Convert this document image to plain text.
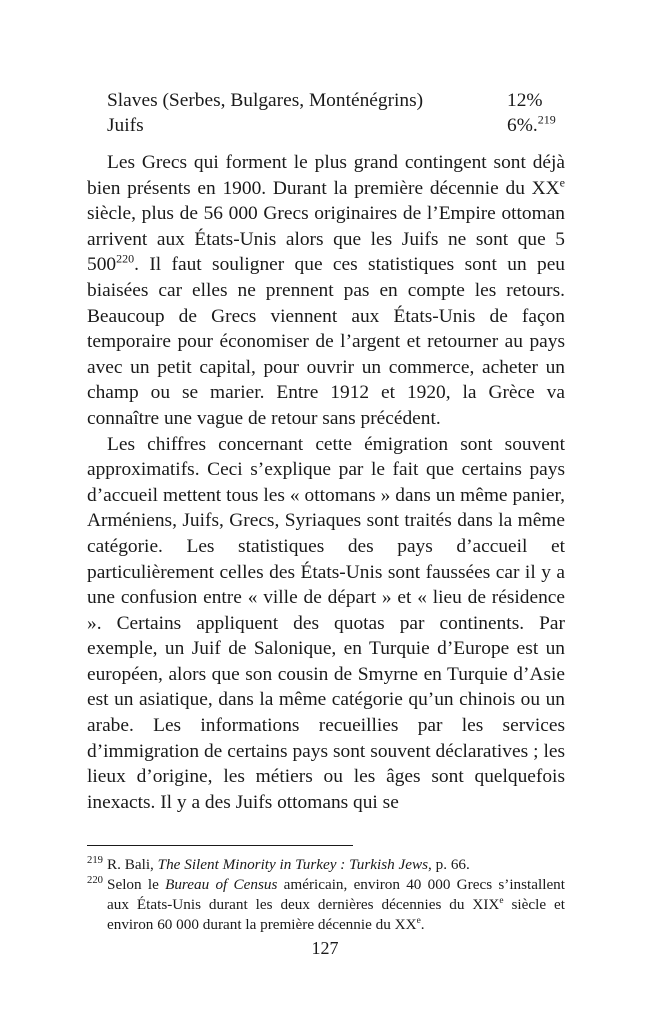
Slaves (Serbes, Bulgares, Monténégrins)	12%
Juifs	6%.$^{219}$

Les Grecs qui forment le plus grand contingent sont déjà bien présents en 1900. Durant la première décennie du XXe siècle, plus de 56 000 Grecs originaires de l’Empire ottoman arrivent aux États-Unis alors que les Juifs ne sont que 5 $500^{220}$. Il faut souligner que ces statistiques sont un peu biaisées car elles ne prennent pas en compte les retours. Beaucoup de Grecs viennent aux États-Unis de façon temporaire pour économiser de l’argent et retourner au pays avec un petit capital, pour ouvrir un commerce, acheter un champ ou se marier. Entre 1912 et 1920, la Grèce va connaître une vague de retour sans précédent.

Les chiffres concernant cette émigration sont souvent approximatifs. Ceci s’explique par le fait que certains pays d’accueil mettent tous les « ottomans » dans un même panier, Arméniens, Juifs, Grecs, Syriaques sont traités dans la même catégorie. Les statistiques des pays d’accueil et particulièrement celles des États-Unis sont faussées car il y a une confusion entre « ville de départ » et « lieu de résidence ». Certains appliquent des quotas par continents. Par exemple, un Juif de Salonique, en Turquie d’Europe est un européen, alors que son cousin de Smyrne en Turquie d’Asie est un asiatique, dans la même catégorie qu’un chinois ou un arabe. Les informations recueillies par les services d’immigration de certains pays sont souvent déclaratives ; les lieux d’origine, les métiers ou les âges sont quelquefois inexacts. Il y a des Juifs ottomans qui se

$^{219}$ R. Bali, The Silent Minority in Turkey : Turkish Jews, p. 66.
$^{220}$ Selon le Bureau of Census américain, environ 40 000 Grecs s’installent aux États-Unis durant les deux dernières décennies du XIXe siècle et environ 60 000 durant la première décennie du XXe.
127
